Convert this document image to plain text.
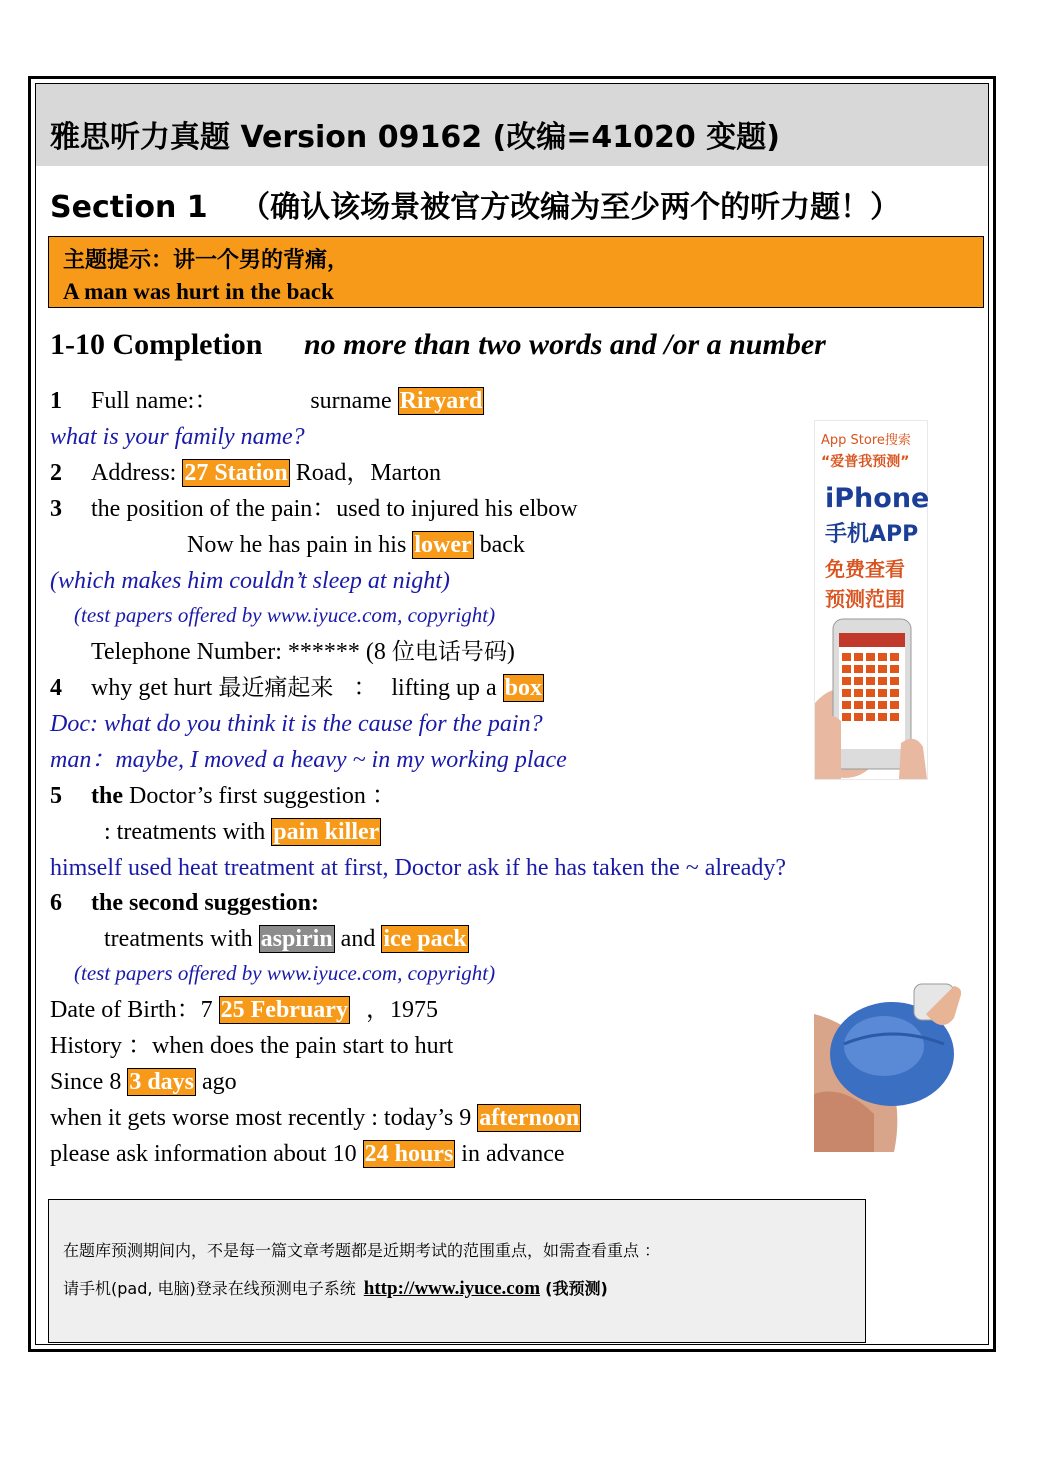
雅思听力真题 Version 09162 (改编=41020 变题)
Section 1 （确认该场景被官方改编为至少两个的听力题！）
主题提示：讲一个男的背痛，
A man was hurt in the back
1-10 Completion no more than two words and /or a number
1 Full name:：	surname Riryard
what is your family name?
2 Address: 27 Station Road，Marton
3 the position of the pain：used to injured his elbow
Now he has pain in his lower back
(which makes him couldn’t sleep at night)
(test papers offered by www.iyuce.com, copyright)
Telephone Number: ****** (8 位电话号码)
4 why get hurt 最近痛起来 ： lifting up a box
Doc: what do you think it is the cause for the pain?
man：maybe, I moved a heavy ~ in my working place
5 the Doctor’s first suggestion ：
: treatments with pain killer
himself used heat treatment at first, Doctor ask if he has taken the ~ already?
6 the second suggestion:
treatments with aspirin and ice pack
(test papers offered by www.iyuce.com, copyright)
Date of Birth：7 25 February ，1975
History ：when does the pain start to hurt
Since 8 3 days ago
when it gets worse most recently : today’s 9 afternoon
please ask information about 10 24 hours in advance
App Store搜索
“爱普我预测”
iPhone
手机APP
免费查看
预测范围
在题库预测期间内，不是每一篇文章考题都是近期考试的范围重点，如需查看重点 ：
请手机(pad, 电脑)登录在线预测电子系统 http://www.iyuce.com (我预测)
